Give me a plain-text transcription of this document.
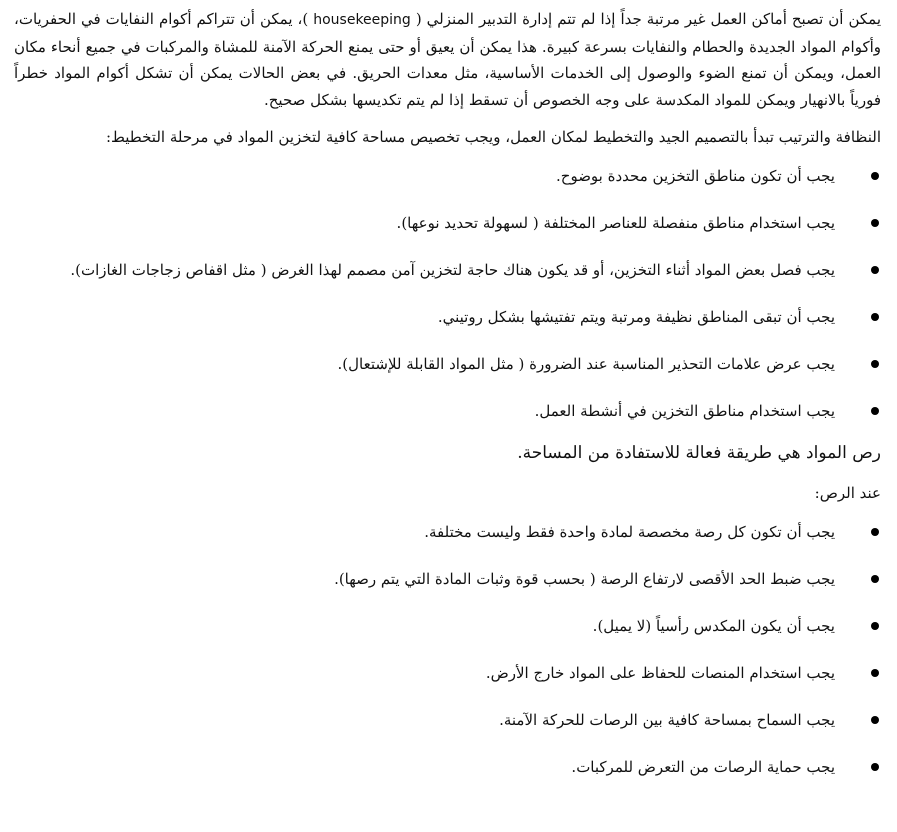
يمكن أن تصبح أماكن العمل غير مرتبة جداً إذا لم تتم إدارة التدبير المنزلي ( housekeeping )، يمكن أن تتراكم أكوام النفايات في الحفريات، وأكوام المواد الجديدة والحطام والنفايات بسرعة كبيرة. هذا يمكن أن يعيق أو حتى يمنع الحركة الآمنة للمشاة والمركبات في جميع أنحاء مكان العمل، ويمكن أن تمنع الضوء والوصول إلى الخدمات الأساسية، مثل معدات الحريق. في بعض الحالات يمكن أن تشكل أكوام المواد خطراً فورياً بالانهيار ويمكن للمواد المكدسة على وجه الخصوص أن تسقط إذا لم يتم تكديسها بشكل صحيح.

النظافة والترتيب تبدأ بالتصميم الجيد والتخطيط لمكان العمل، ويجب تخصيص مساحة كافية لتخزين المواد في مرحلة التخطيط:

يجب أن تكون مناطق التخزين محددة بوضوح.
يجب استخدام مناطق منفصلة للعناصر المختلفة ( لسهولة تحديد نوعها).
يجب فصل بعض المواد أثناء التخزين، أو قد يكون هناك حاجة لتخزين آمن مصمم لهذا الغرض ( مثل اقفاص زجاجات الغازات).
يجب أن تبقى المناطق نظيفة ومرتبة ويتم تفتيشها بشكل روتيني.
يجب عرض علامات التحذير المناسبة عند الضرورة ( مثل المواد القابلة للإشتعال).
يجب استخدام مناطق التخزين في أنشطة العمل.

رص المواد هي طريقة فعالة للاستفادة من المساحة.

عند الرص:

يجب أن تكون كل رصة مخصصة لمادة واحدة فقط وليست مختلفة.
يجب ضبط الحد الأقصى لارتفاع الرصة ( بحسب قوة وثبات المادة التي يتم رصها).
يجب أن يكون المكدس رأسياً (لا يميل).
يجب استخدام المنصات للحفاظ على المواد خارج الأرض.
يجب السماح بمساحة كافية بين الرصات للحركة الآمنة.
يجب حماية الرصات من التعرض للمركبات.
